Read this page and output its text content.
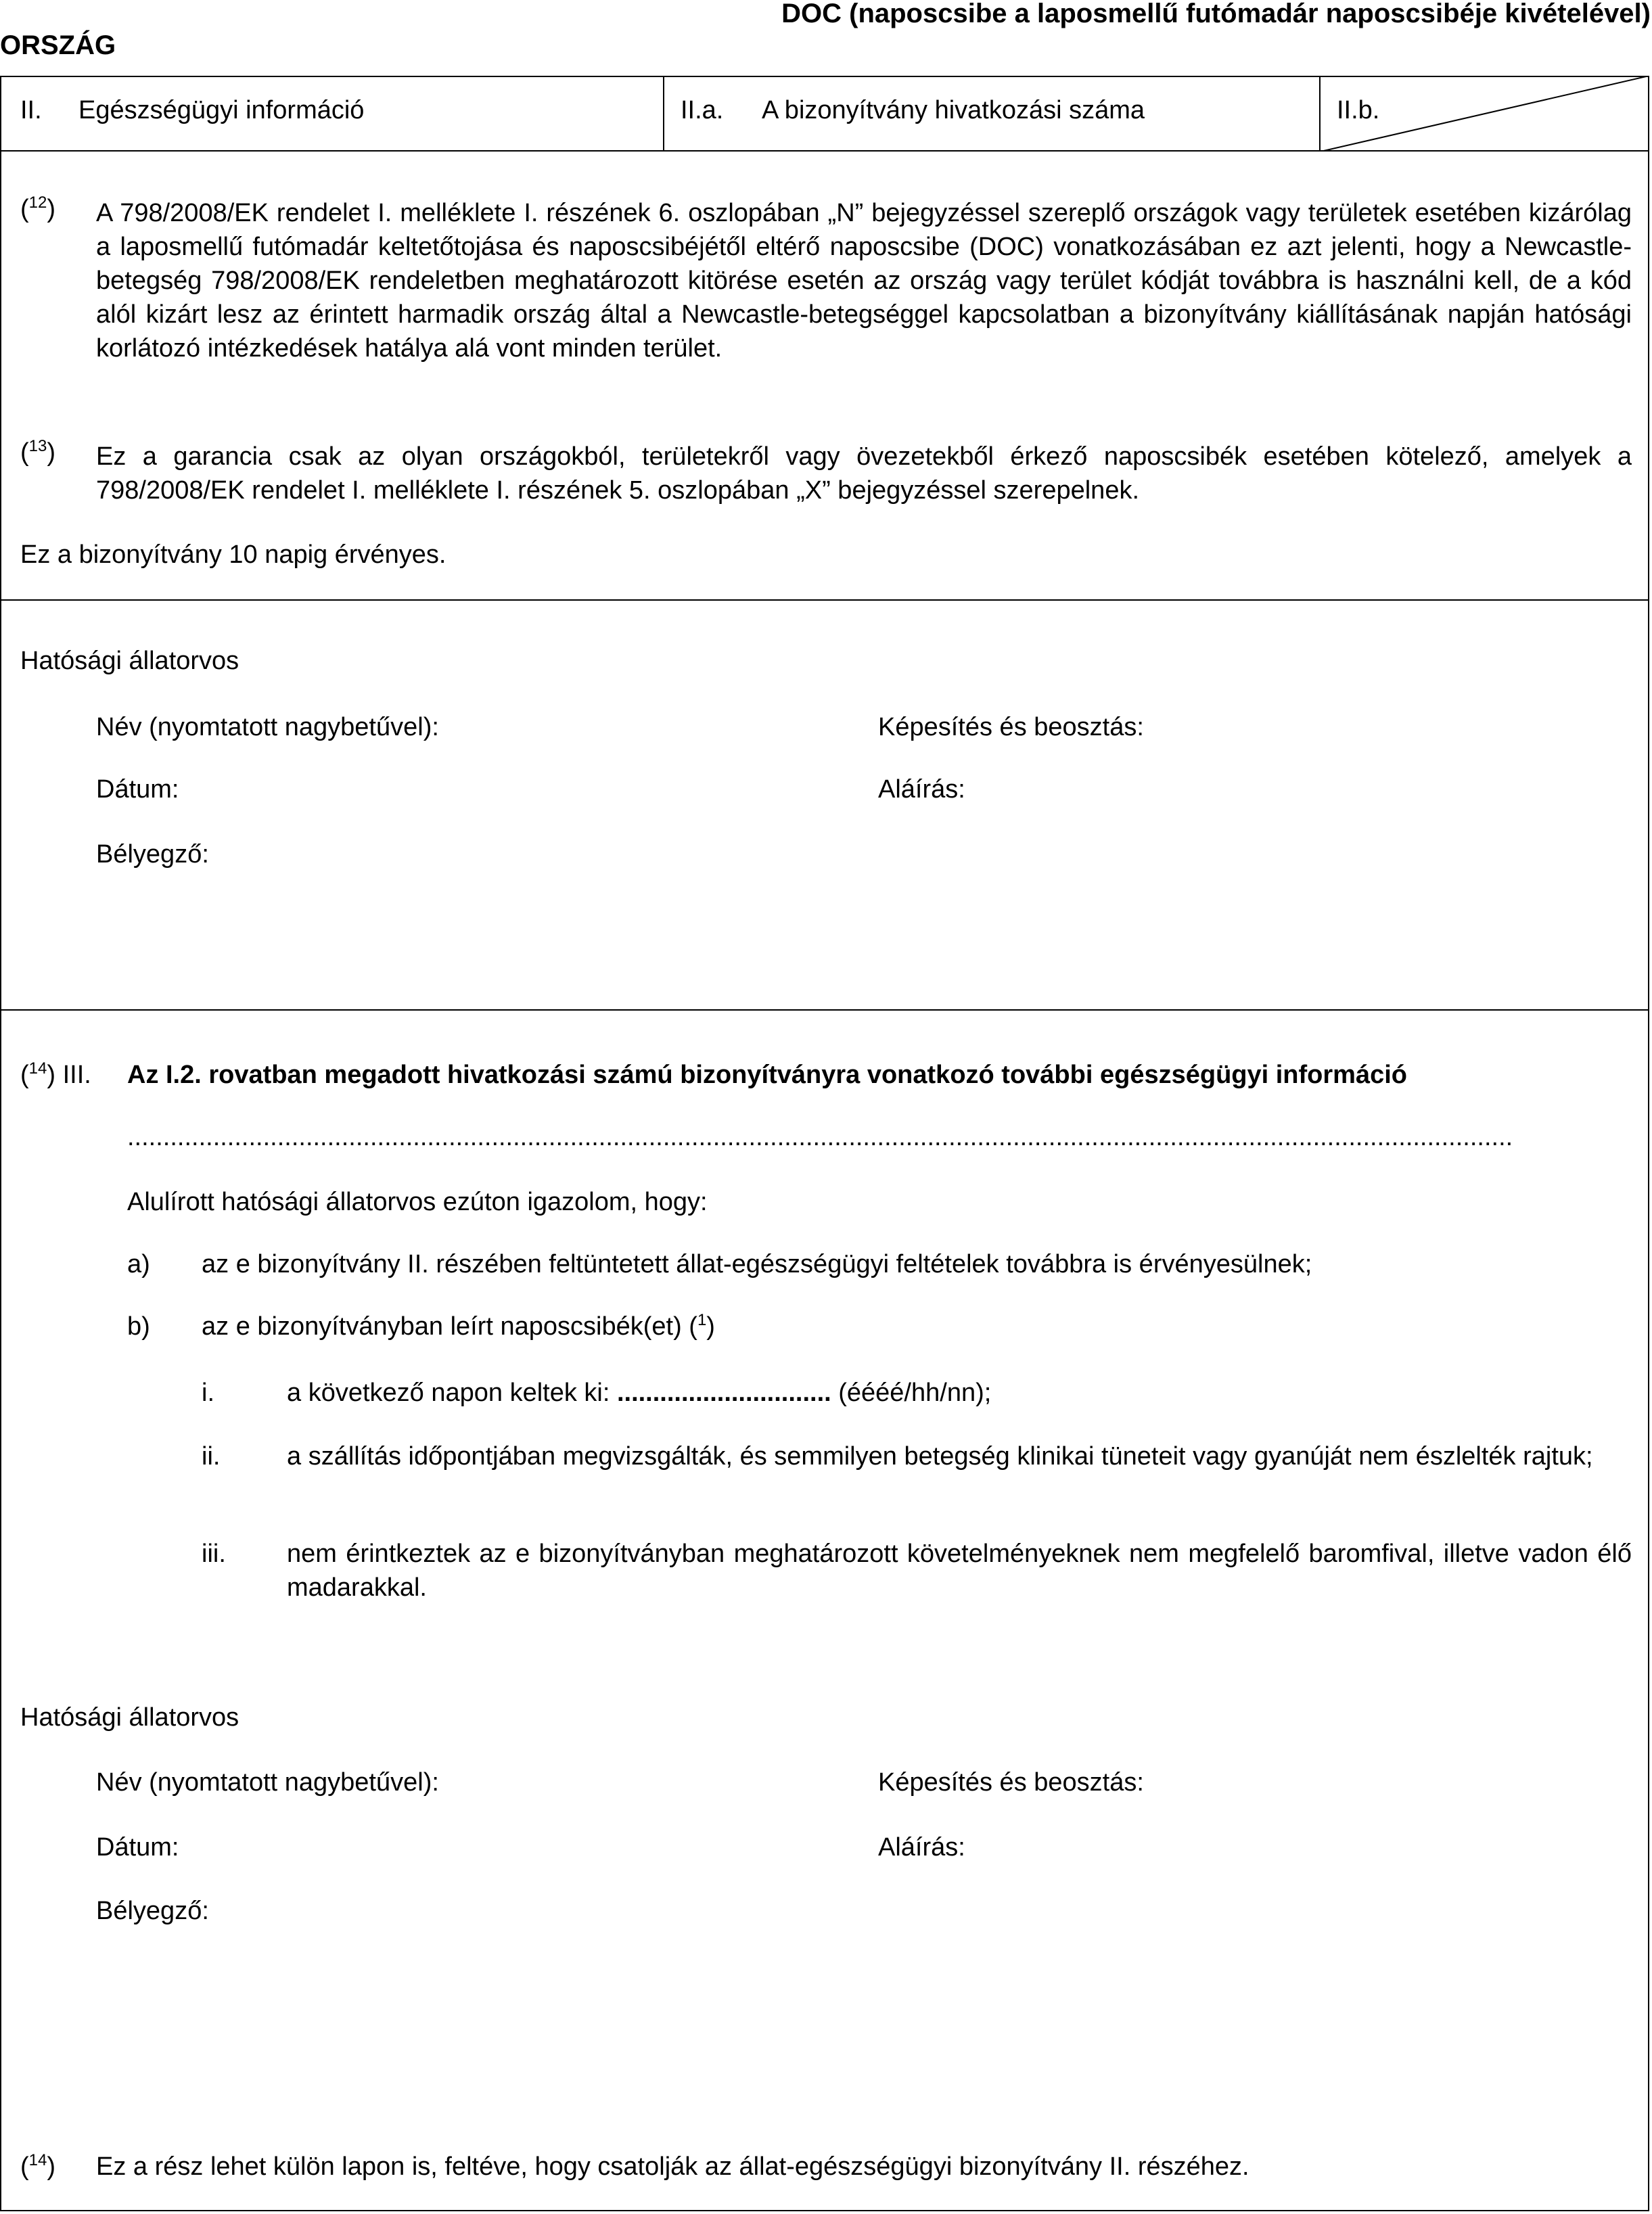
ORSZÁG
DOC (naposcsibe a laposmellű futómadár naposcsibéje kivételével)
II. Egészségügyi információ	II.a. A bizonyítvány hivatkozási száma	II.b.
($^{12}$) A 798/2008/EK rendelet I. melléklete I. részének 6. oszlopában „N” bejegyzéssel szereplő országok vagy területek esetében kizárólag a laposmellű futómadár keltetőtojása és naposcsibéjétől eltérő naposcsibe (DOC) vonatkozásában ez azt jelenti, hogy a Newcastle-betegség 798/2008/EK rendeletben meghatározott kitörése esetén az ország vagy terület kódját továbbra is használni kell, de a kód alól kizárt lesz az érintett harmadik ország által a Newcastle-betegséggel kapcsolatban a bizonyítvány kiállításának napján hatósági korlátozó intézkedések hatálya alá vont minden terület.
($^{13}$) Ez a garancia csak az olyan országokból, területekről vagy övezetekből érkező naposcsibék esetében kötelező, amelyek a 798/2008/EK rendelet I. melléklete I. részének 5. oszlopában „X” bejegyzéssel szerepelnek.
Ez a bizonyítvány 10 napig érvényes.
Hatósági állatorvos
Név (nyomtatott nagybetűvel):	Képesítés és beosztás:
Dátum:	Aláírás:
Bélyegző:
($^{14}$) III. Az I.2. rovatban megadott hivatkozási számú bizonyítványra vonatkozó további egészségügyi információ
..................................................................................................................................................................................................
Alulírott hatósági állatorvos ezúton igazolom, hogy:
a) az e bizonyítvány II. részében feltüntetett állat-egészségügyi feltételek továbbra is érvényesülnek;
b) az e bizonyítványban leírt naposcsibék(et) ($^1$)
i.	a következő napon keltek ki: .............................. (éééé/hh/nn);
ii.	a szállítás időpontjában megvizsgálták, és semmilyen betegség klinikai tüneteit vagy gyanúját nem észlelték rajtuk;
iii. nem érintkeztek az e bizonyítványban meghatározott követelményeknek nem megfelelő baromfival, illetve vadon élő madarakkal.
Hatósági állatorvos
Név (nyomtatott nagybetűvel):	Képesítés és beosztás:
Dátum:	Aláírás:
Bélyegző:
($^{14}$) Ez a rész lehet külön lapon is, feltéve, hogy csatolják az állat-egészségügyi bizonyítvány II. részéhez.
